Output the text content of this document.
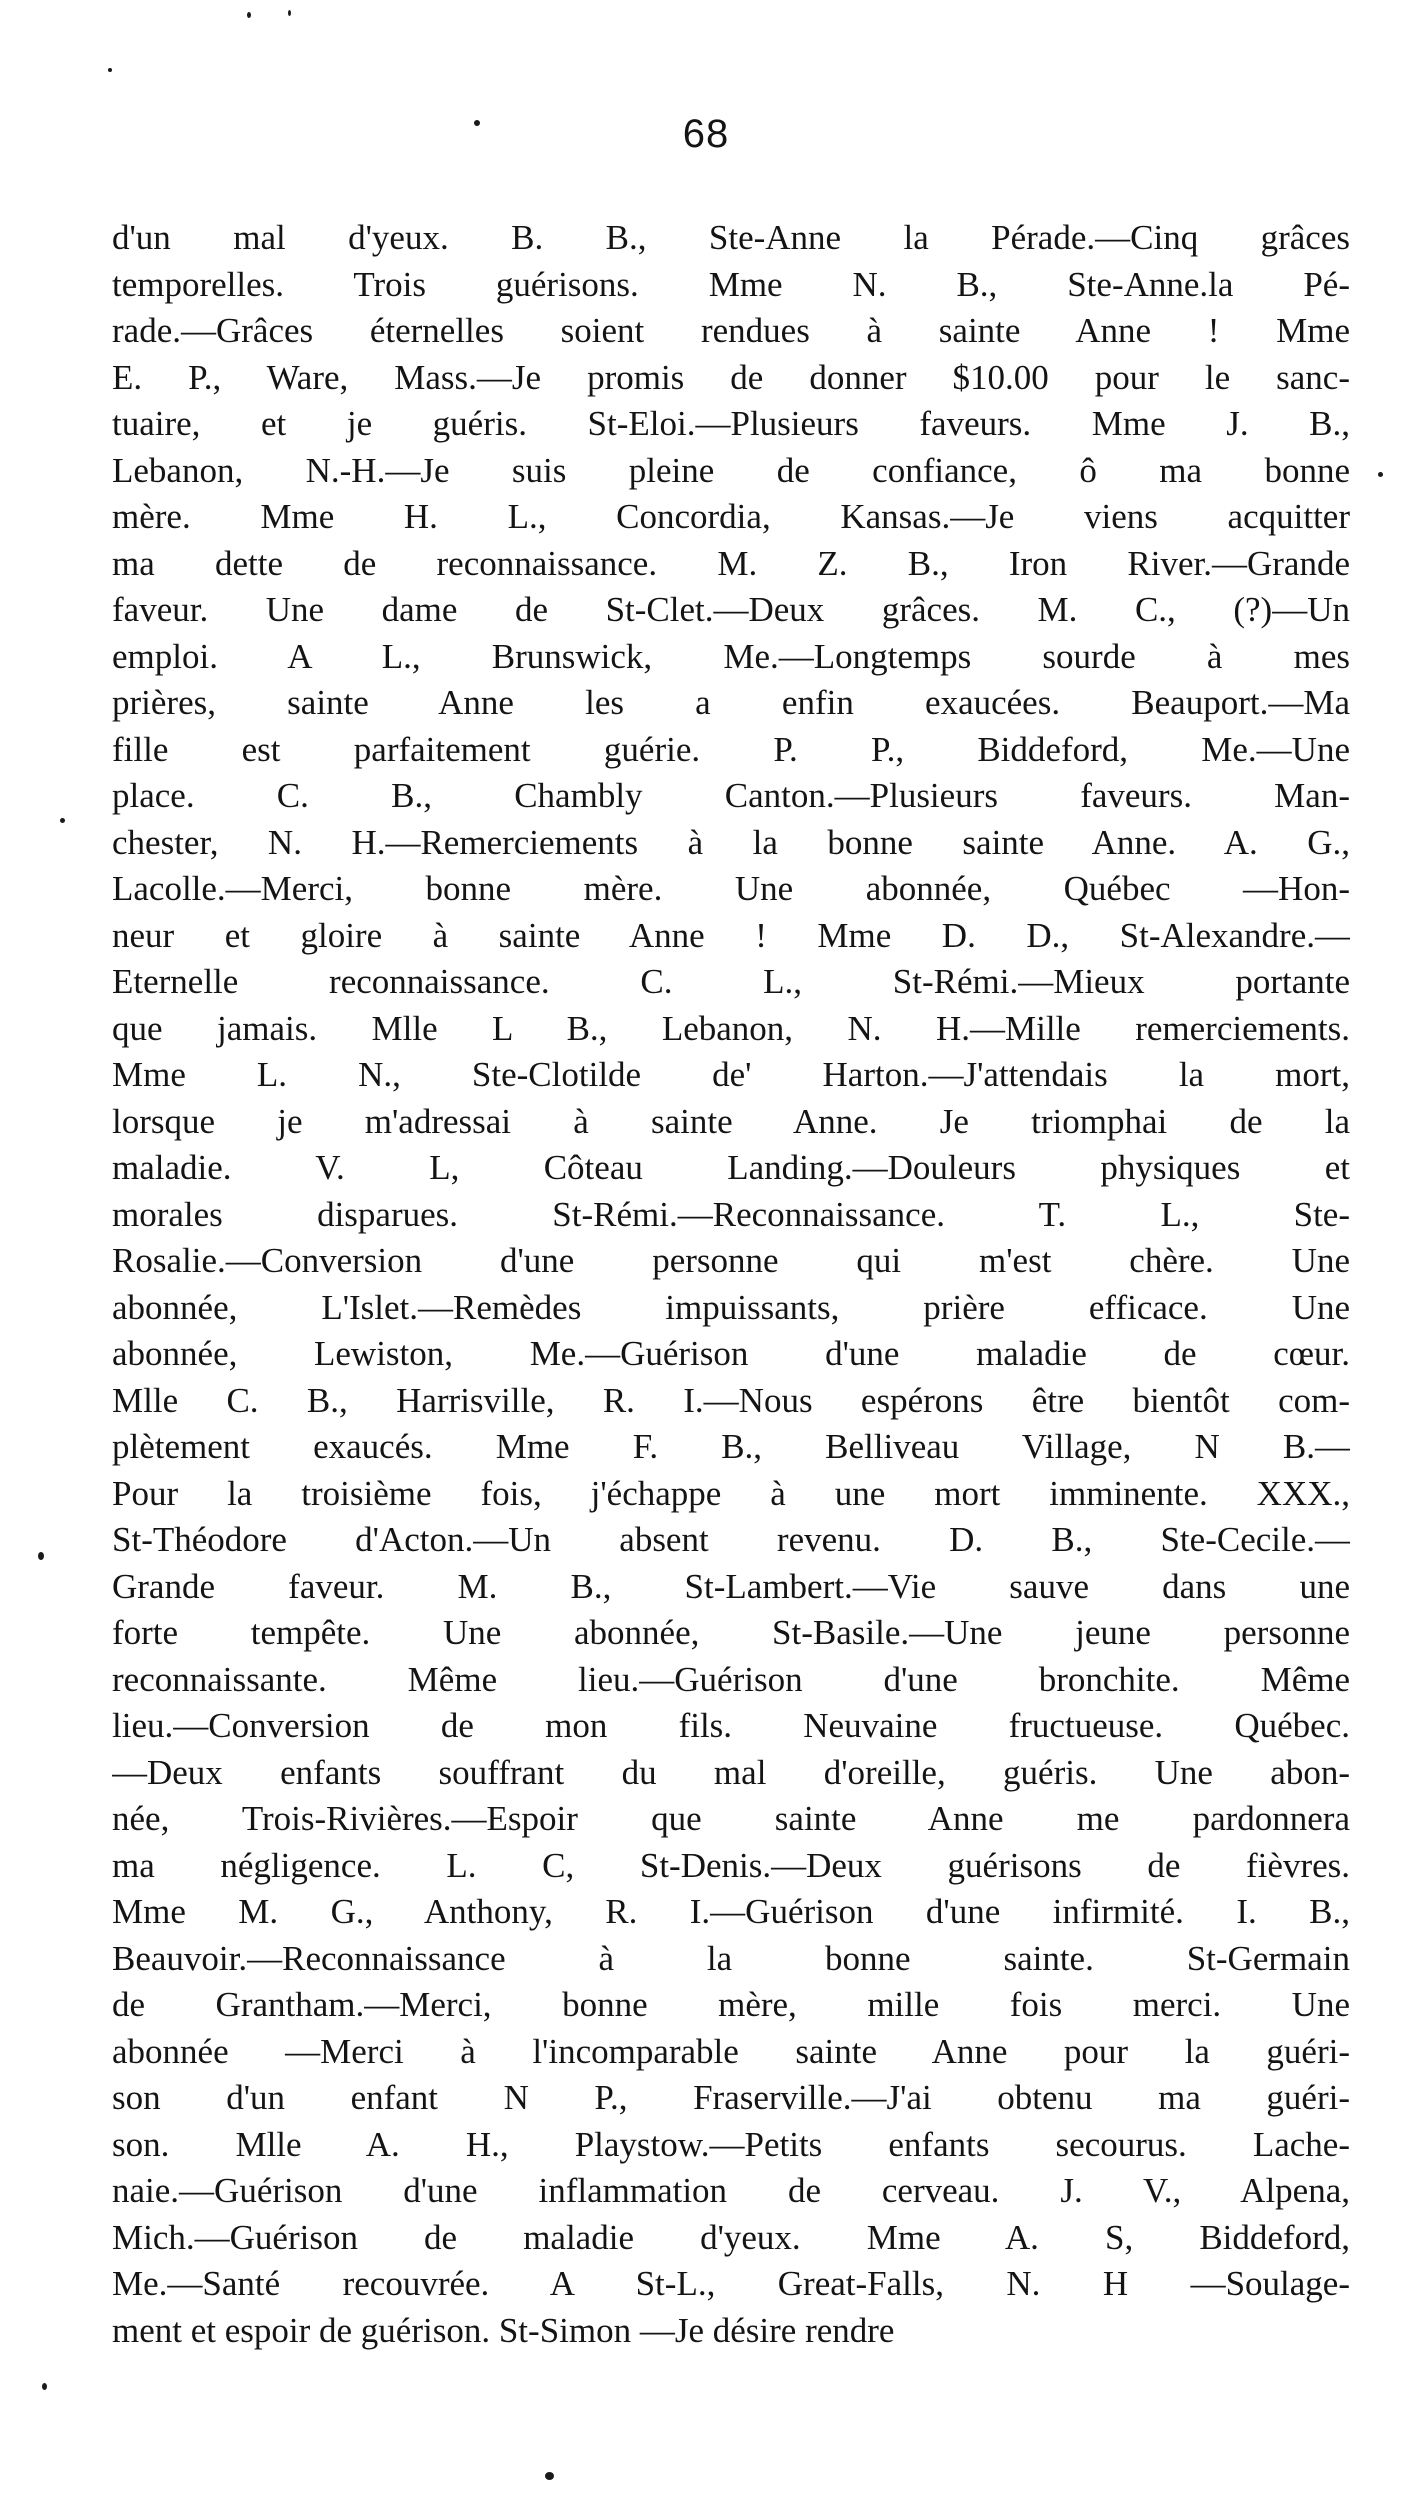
68
d'un mal d'yeux. B. B., Ste-Anne la Pérade.—Cinq grâces
temporelles. Trois guérisons. Mme N. B., Ste-Anne.la Pé-
rade.—Grâces éternelles soient rendues à sainte Anne ! Mme
E. P., Ware, Mass.—Je promis de donner $10.00 pour le sanc-
tuaire, et je guéris. St-Eloi.—Plusieurs faveurs. Mme J. B.,
Lebanon, N.-H.—Je suis pleine de confiance, ô ma bonne
mère. Mme H. L., Concordia, Kansas.—Je viens acquitter
ma dette de reconnaissance. M. Z. B., Iron River.—Grande
faveur. Une dame de St-Clet.—Deux grâces. M. C., (?)—Un
emploi. A L., Brunswick, Me.—Longtemps sourde à mes
prières, sainte Anne les a enfin exaucées. Beauport.—Ma
fille est parfaitement guérie. P. P., Biddeford, Me.—Une
place. C. B., Chambly Canton.—Plusieurs faveurs. Man-
chester, N. H.—Remerciements à la bonne sainte Anne. A. G.,
Lacolle.—Merci, bonne mère. Une abonnée, Québec —Hon-
neur et gloire à sainte Anne ! Mme D. D., St-Alexandre.—
Eternelle reconnaissance. C. L., St-Rémi.—Mieux portante
que jamais. Mlle L B., Lebanon, N. H.—Mille remerciements.
Mme L. N., Ste-Clotilde de' Harton.—J'attendais la mort,
lorsque je m'adressai à sainte Anne. Je triomphai de la
maladie. V. L, Côteau Landing.—Douleurs physiques et
morales disparues. St-Rémi.—Reconnaissance. T. L., Ste-
Rosalie.—Conversion d'une personne qui m'est chère. Une
abonnée, L'Islet.—Remèdes impuissants, prière efficace. Une
abonnée, Lewiston, Me.—Guérison d'une maladie de cœur.
Mlle C. B., Harrisville, R. I.—Nous espérons être bientôt com-
plètement exaucés. Mme F. B., Belliveau Village, N B.—
Pour la troisième fois, j'échappe à une mort imminente. XXX.,
St-Théodore d'Acton.—Un absent revenu. D. B., Ste-Cecile.—
Grande faveur. M. B., St-Lambert.—Vie sauve dans une
forte tempête. Une abonnée, St-Basile.—Une jeune personne
reconnaissante. Même lieu.—Guérison d'une bronchite. Même
lieu.—Conversion de mon fils. Neuvaine fructueuse. Québec.
—Deux enfants souffrant du mal d'oreille, guéris. Une abon-
née, Trois-Rivières.—Espoir que sainte Anne me pardonnera
ma négligence. L. C, St-Denis.—Deux guérisons de fièvres.
Mme M. G., Anthony, R. I.—Guérison d'une infirmité. I. B.,
Beauvoir.—Reconnaissance à la bonne sainte. St-Germain
de Grantham.—Merci, bonne mère, mille fois merci. Une
abonnée —Merci à l'incomparable sainte Anne pour la guéri-
son d'un enfant N P., Fraserville.—J'ai obtenu ma guéri-
son. Mlle A. H., Playstow.—Petits enfants secourus. Lache-
naie.—Guérison d'une inflammation de cerveau. J. V., Alpena,
Mich.—Guérison de maladie d'yeux. Mme A. S, Biddeford,
Me.—Santé recouvrée. A St-L., Great-Falls, N. H —Soulage-
ment et espoir de guérison. St-Simon —Je désire rendre
